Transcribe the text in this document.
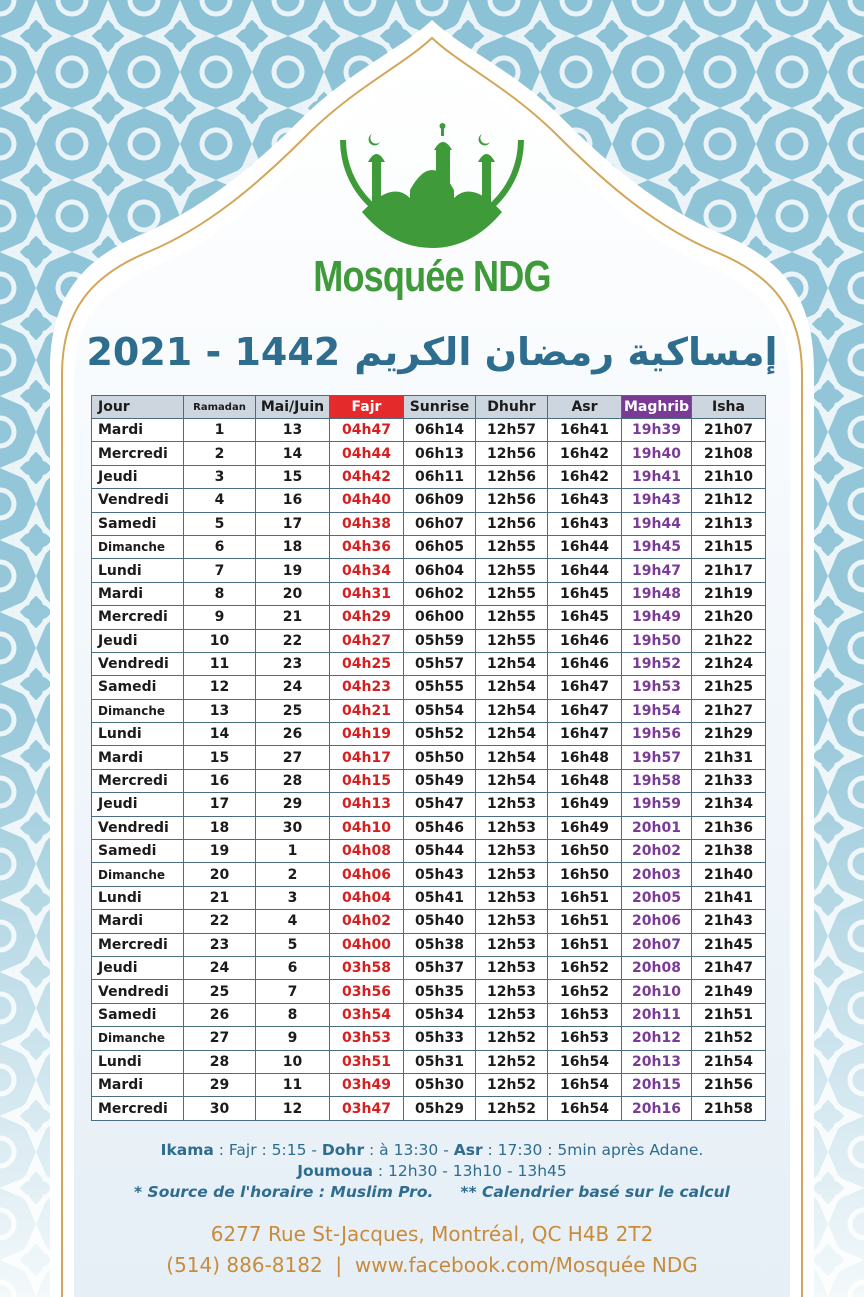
Mosquée NDG
2021 - 1442 إمساكية رمضان الكريم
Jour	Ramadan	Mai/Juin	Fajr	Sunrise	Dhuhr	Asr	Maghrib	Isha
Mardi	1	13	04h47	06h14	12h57	16h41	19h39	21h07
Mercredi	2	14	04h44	06h13	12h56	16h42	19h40	21h08
Jeudi	3	15	04h42	06h11	12h56	16h42	19h41	21h10
Vendredi	4	16	04h40	06h09	12h56	16h43	19h43	21h12
Samedi	5	17	04h38	06h07	12h56	16h43	19h44	21h13
Dimanche	6	18	04h36	06h05	12h55	16h44	19h45	21h15
Lundi	7	19	04h34	06h04	12h55	16h44	19h47	21h17
Mardi	8	20	04h31	06h02	12h55	16h45	19h48	21h19
Mercredi	9	21	04h29	06h00	12h55	16h45	19h49	21h20
Jeudi	10	22	04h27	05h59	12h55	16h46	19h50	21h22
Vendredi	11	23	04h25	05h57	12h54	16h46	19h52	21h24
Samedi	12	24	04h23	05h55	12h54	16h47	19h53	21h25
Dimanche	13	25	04h21	05h54	12h54	16h47	19h54	21h27
Lundi	14	26	04h19	05h52	12h54	16h47	19h56	21h29
Mardi	15	27	04h17	05h50	12h54	16h48	19h57	21h31
Mercredi	16	28	04h15	05h49	12h54	16h48	19h58	21h33
Jeudi	17	29	04h13	05h47	12h53	16h49	19h59	21h34
Vendredi	18	30	04h10	05h46	12h53	16h49	20h01	21h36
Samedi	19	1	04h08	05h44	12h53	16h50	20h02	21h38
Dimanche	20	2	04h06	05h43	12h53	16h50	20h03	21h40
Lundi	21	3	04h04	05h41	12h53	16h51	20h05	21h41
Mardi	22	4	04h02	05h40	12h53	16h51	20h06	21h43
Mercredi	23	5	04h00	05h38	12h53	16h51	20h07	21h45
Jeudi	24	6	03h58	05h37	12h53	16h52	20h08	21h47
Vendredi	25	7	03h56	05h35	12h53	16h52	20h10	21h49
Samedi	26	8	03h54	05h34	12h53	16h53	20h11	21h51
Dimanche	27	9	03h53	05h33	12h52	16h53	20h12	21h52
Lundi	28	10	03h51	05h31	12h52	16h54	20h13	21h54
Mardi	29	11	03h49	05h30	12h52	16h54	20h15	21h56
Mercredi	30	12	03h47	05h29	12h52	16h54	20h16	21h58
Ikama : Fajr : 5:15 - Dohr : à 13:30 - Asr : 17:30 : 5min après Adane.
Joumoua : 12h30 - 13h10 - 13h45
* Source de l'horaire : Muslim Pro. ** Calendrier basé sur le calcul
6277 Rue St-Jacques, Montréal, QC H4B 2T2
(514) 886-8182  |  www.facebook.com/Mosquée NDG
